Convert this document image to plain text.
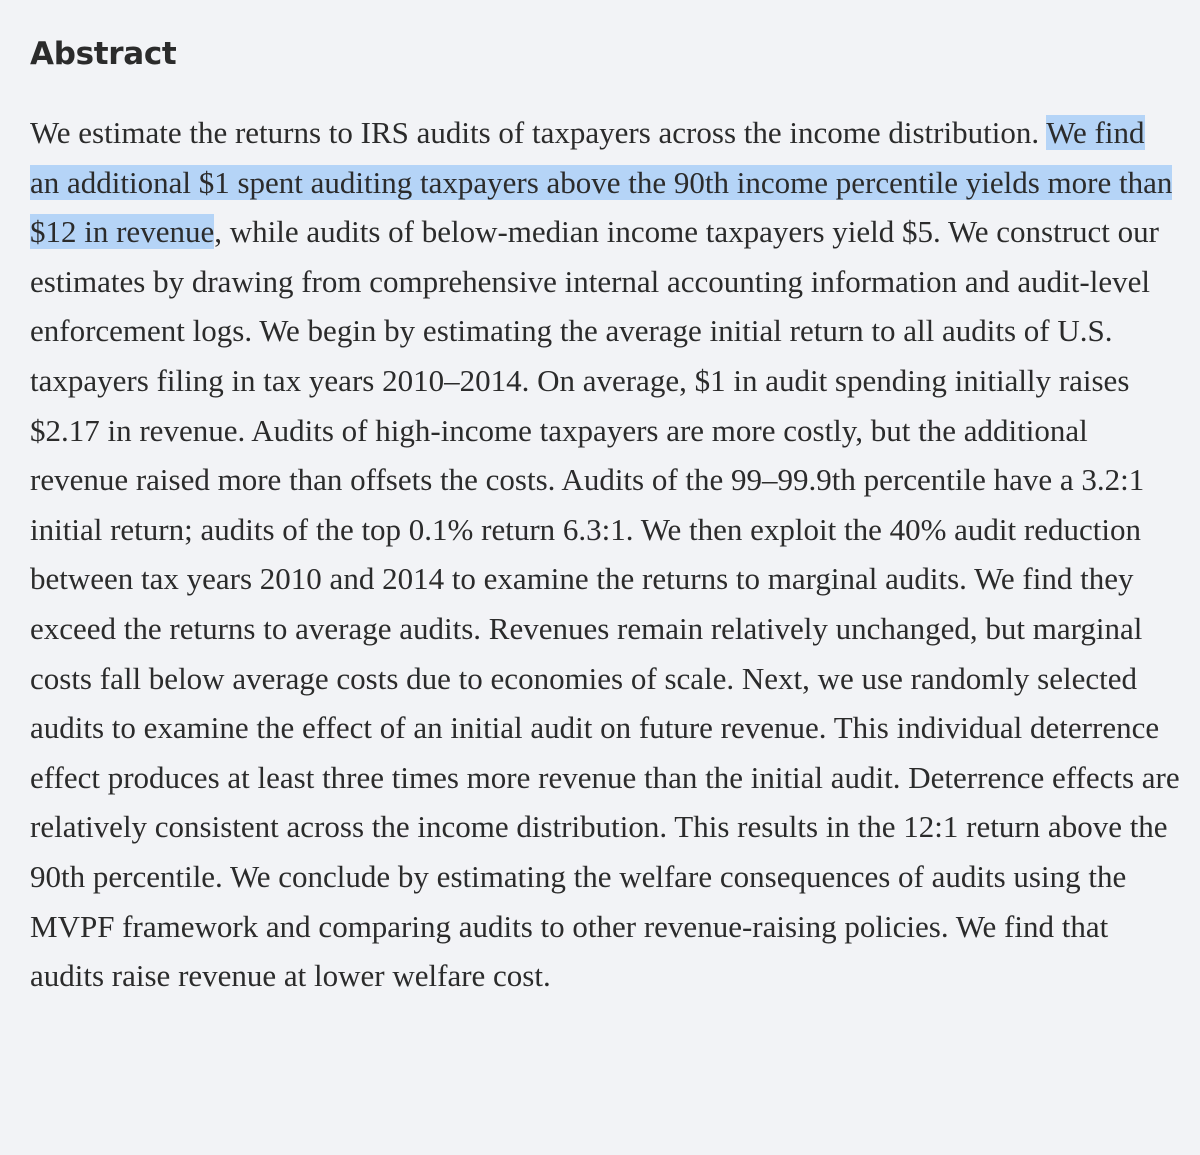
Abstract

We estimate the returns to IRS audits of taxpayers across the income distribution. We find an additional $1 spent auditing taxpayers above the 90th income percentile yields more than $12 in revenue, while audits of below-median income taxpayers yield $5. We construct our estimates by drawing from comprehensive internal accounting information and audit-level enforcement logs. We begin by estimating the average initial return to all audits of U.S. taxpayers filing in tax years 2010–2014. On average, $1 in audit spending initially raises $2.17 in revenue. Audits of high-income taxpayers are more costly, but the additional revenue raised more than offsets the costs. Audits of the 99–99.9th percentile have a 3.2:1 initial return; audits of the top 0.1% return 6.3:1. We then exploit the 40% audit reduction between tax years 2010 and 2014 to examine the returns to marginal audits. We find they exceed the returns to average audits. Revenues remain relatively unchanged, but marginal costs fall below average costs due to economies of scale. Next, we use randomly selected audits to examine the effect of an initial audit on future revenue. This individual deterrence effect produces at least three times more revenue than the initial audit. Deterrence effects are relatively consistent across the income distribution. This results in the 12:1 return above the 90th percentile. We conclude by estimating the welfare consequences of audits using the MVPF framework and comparing audits to other revenue-raising policies. We find that audits raise revenue at lower welfare cost.
